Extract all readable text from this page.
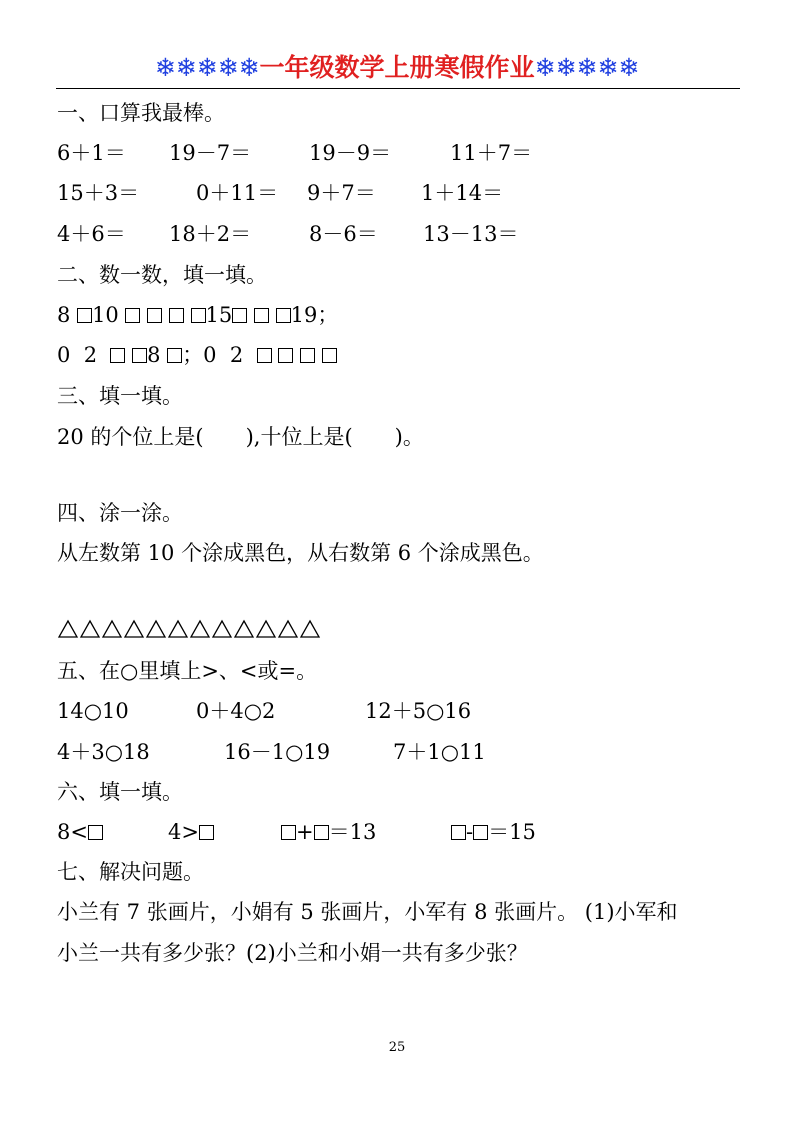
❄❄❄❄❄一年级数学上册寒假作业❄❄❄❄❄
一、口算我最棒。
6＋1＝ 19－7＝	19－9＝	11＋7＝
15＋3＝	0＋11＝ 9＋7＝ 1＋14＝
4＋6＝ 18＋2＝	8－6＝ 13－13＝
二、数一数，填一填。
8 10	15	19；
0  2 8 ；0  2
三、填一填。
20 的个位上是(　　),十位上是(　　)。
四、涂一涂。
从左数第 10 个涂成黑色，从右数第 6 个涂成黑色。
五、在○里填上>、<或=。
14○10	0＋4○2	12＋5○16
4＋3○18	16－1○19	7＋1○11
六、填一填。
8<	4>	+ ＝13	- ＝15
七、解决问题。
小兰有 7 张画片，小娟有 5 张画片，小军有 8 张画片。 (1)小军和
小兰一共有多少张？(2)小兰和小娟一共有多少张？
25
